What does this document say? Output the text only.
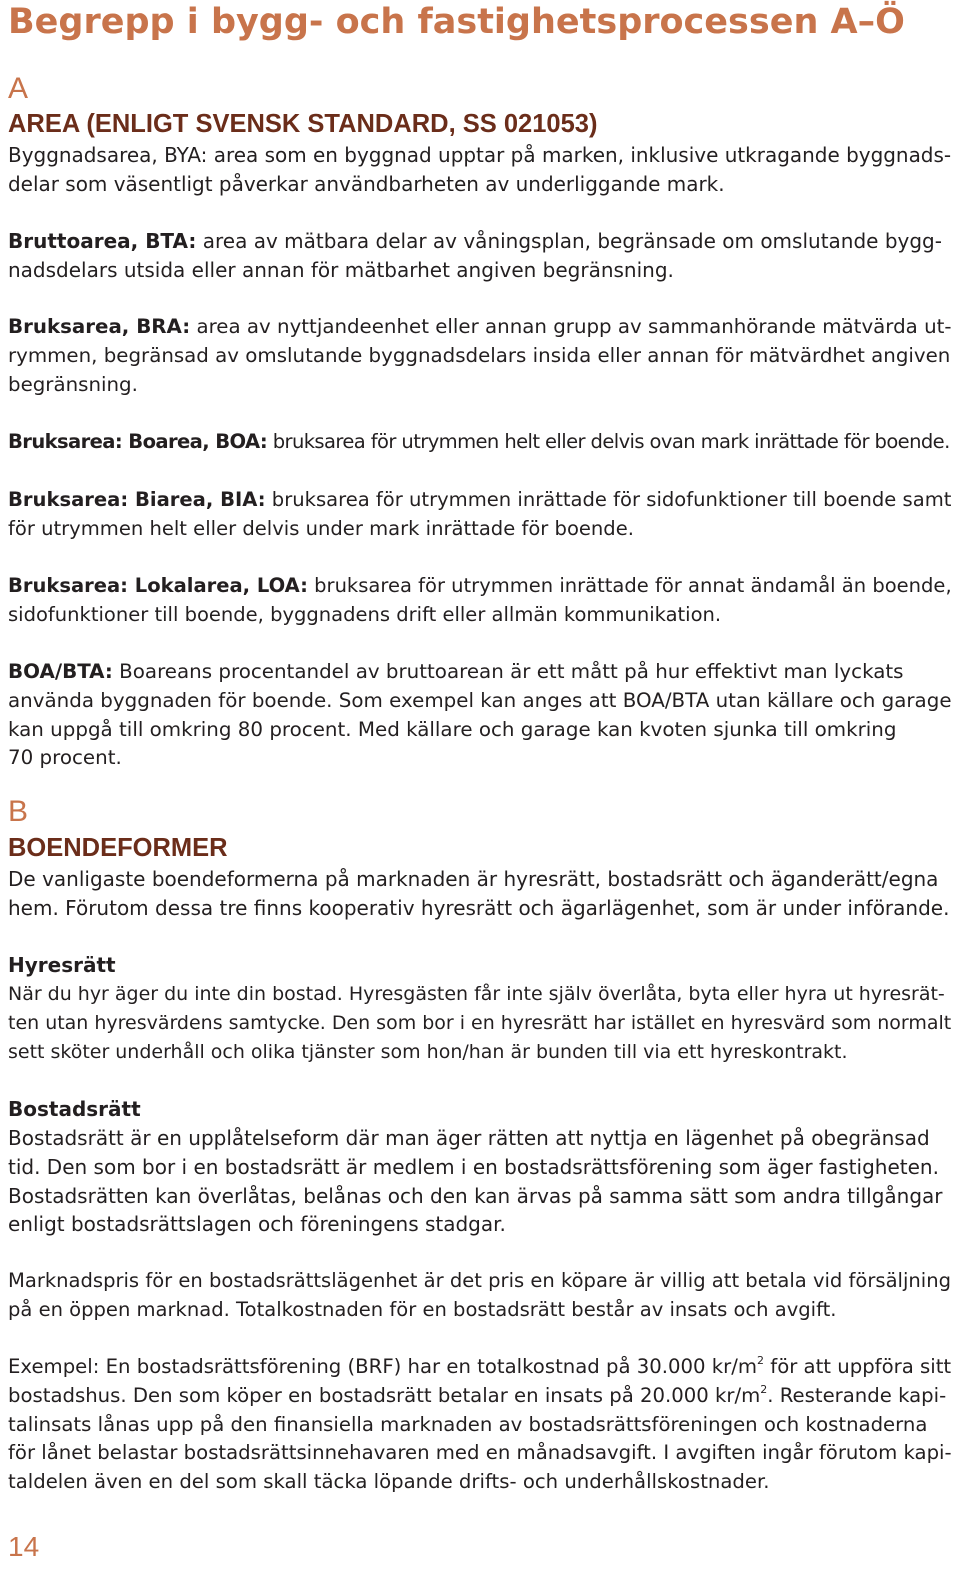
Begrepp i bygg- och fastighetsprocessen A–Ö
A
AREA (ENLIGT SVENSK STANDARD, SS 021053)

Byggnadsarea, BYA: area som en byggnad upptar på marken, inklusive utkragande byggnads-
delar som väsentligt påverkar användbarheten av underliggande mark.

Bruttoarea, BTA: area av mätbara delar av våningsplan, begränsade om omslutande bygg-
nadsdelars utsida eller annan för mätbarhet angiven begränsning.

Bruksarea, BRA: area av nyttjandeenhet eller annan grupp av sammanhörande mätvärda ut-
rymmen, begränsad av omslutande byggnadsdelars insida eller annan för mätvärdhet angiven
begränsning.

Bruksarea: Boarea, BOA: bruksarea för utrymmen helt eller delvis ovan mark inrättade för boende.

Bruksarea: Biarea, BIA: bruksarea för utrymmen inrättade för sidofunktioner till boende samt
för utrymmen helt eller delvis under mark inrättade för boende.

Bruksarea: Lokalarea, LOA: bruksarea för utrymmen inrättade för annat ändamål än boende,
sidofunktioner till boende, byggnadens drift eller allmän kommunikation.

BOA/BTA: Boareans procentandel av bruttoarean är ett mått på hur effektivt man lyckats
använda byggnaden för boende. Som exempel kan anges att BOA/BTA utan källare och garage
kan uppgå till omkring 80 procent. Med källare och garage kan kvoten sjunka till omkring
70 procent.

B
BOENDEFORMER

De vanligaste boendeformerna på marknaden är hyresrätt, bostadsrätt och äganderätt/egna
hem. Förutom dessa tre finns kooperativ hyresrätt och ägarlägenhet, som är under införande.

Hyresrätt

När du hyr äger du inte din bostad. Hyresgästen får inte själv överlåta, byta eller hyra ut hyresrät-
ten utan hyresvärdens samtycke. Den som bor i en hyresrätt har istället en hyresvärd som normalt
sett sköter underhåll och olika tjänster som hon/han är bunden till via ett hyreskontrakt.

Bostadsrätt

Bostadsrätt är en upplåtelseform där man äger rätten att nyttja en lägenhet på obegränsad
tid. Den som bor i en bostadsrätt är medlem i en bostadsrättsförening som äger fastigheten.
Bostadsrätten kan överlåtas, belånas och den kan ärvas på samma sätt som andra tillgångar
enligt bostadsrättslagen och föreningens stadgar.

Marknadspris för en bostadsrättslägenhet är det pris en köpare är villig att betala vid försäljning
på en öppen marknad. Totalkostnaden för en bostadsrätt består av insats och avgift.

Exempel: En bostadsrättsförening (BRF) har en totalkostnad på 30.000 $kr/m^2$ för att uppföra sitt
bostadshus. Den som köper en bostadsrätt betalar en insats på 20.000 $kr/m^2$. Resterande kapi-
talinsats lånas upp på den finansiella marknaden av bostadsrättsföreningen och kostnaderna
för lånet belastar bostadsrättsinnehavaren med en månadsavgift. I avgiften ingår förutom kapi-
taldelen även en del som skall täcka löpande drifts- och underhållskostnader.

14
